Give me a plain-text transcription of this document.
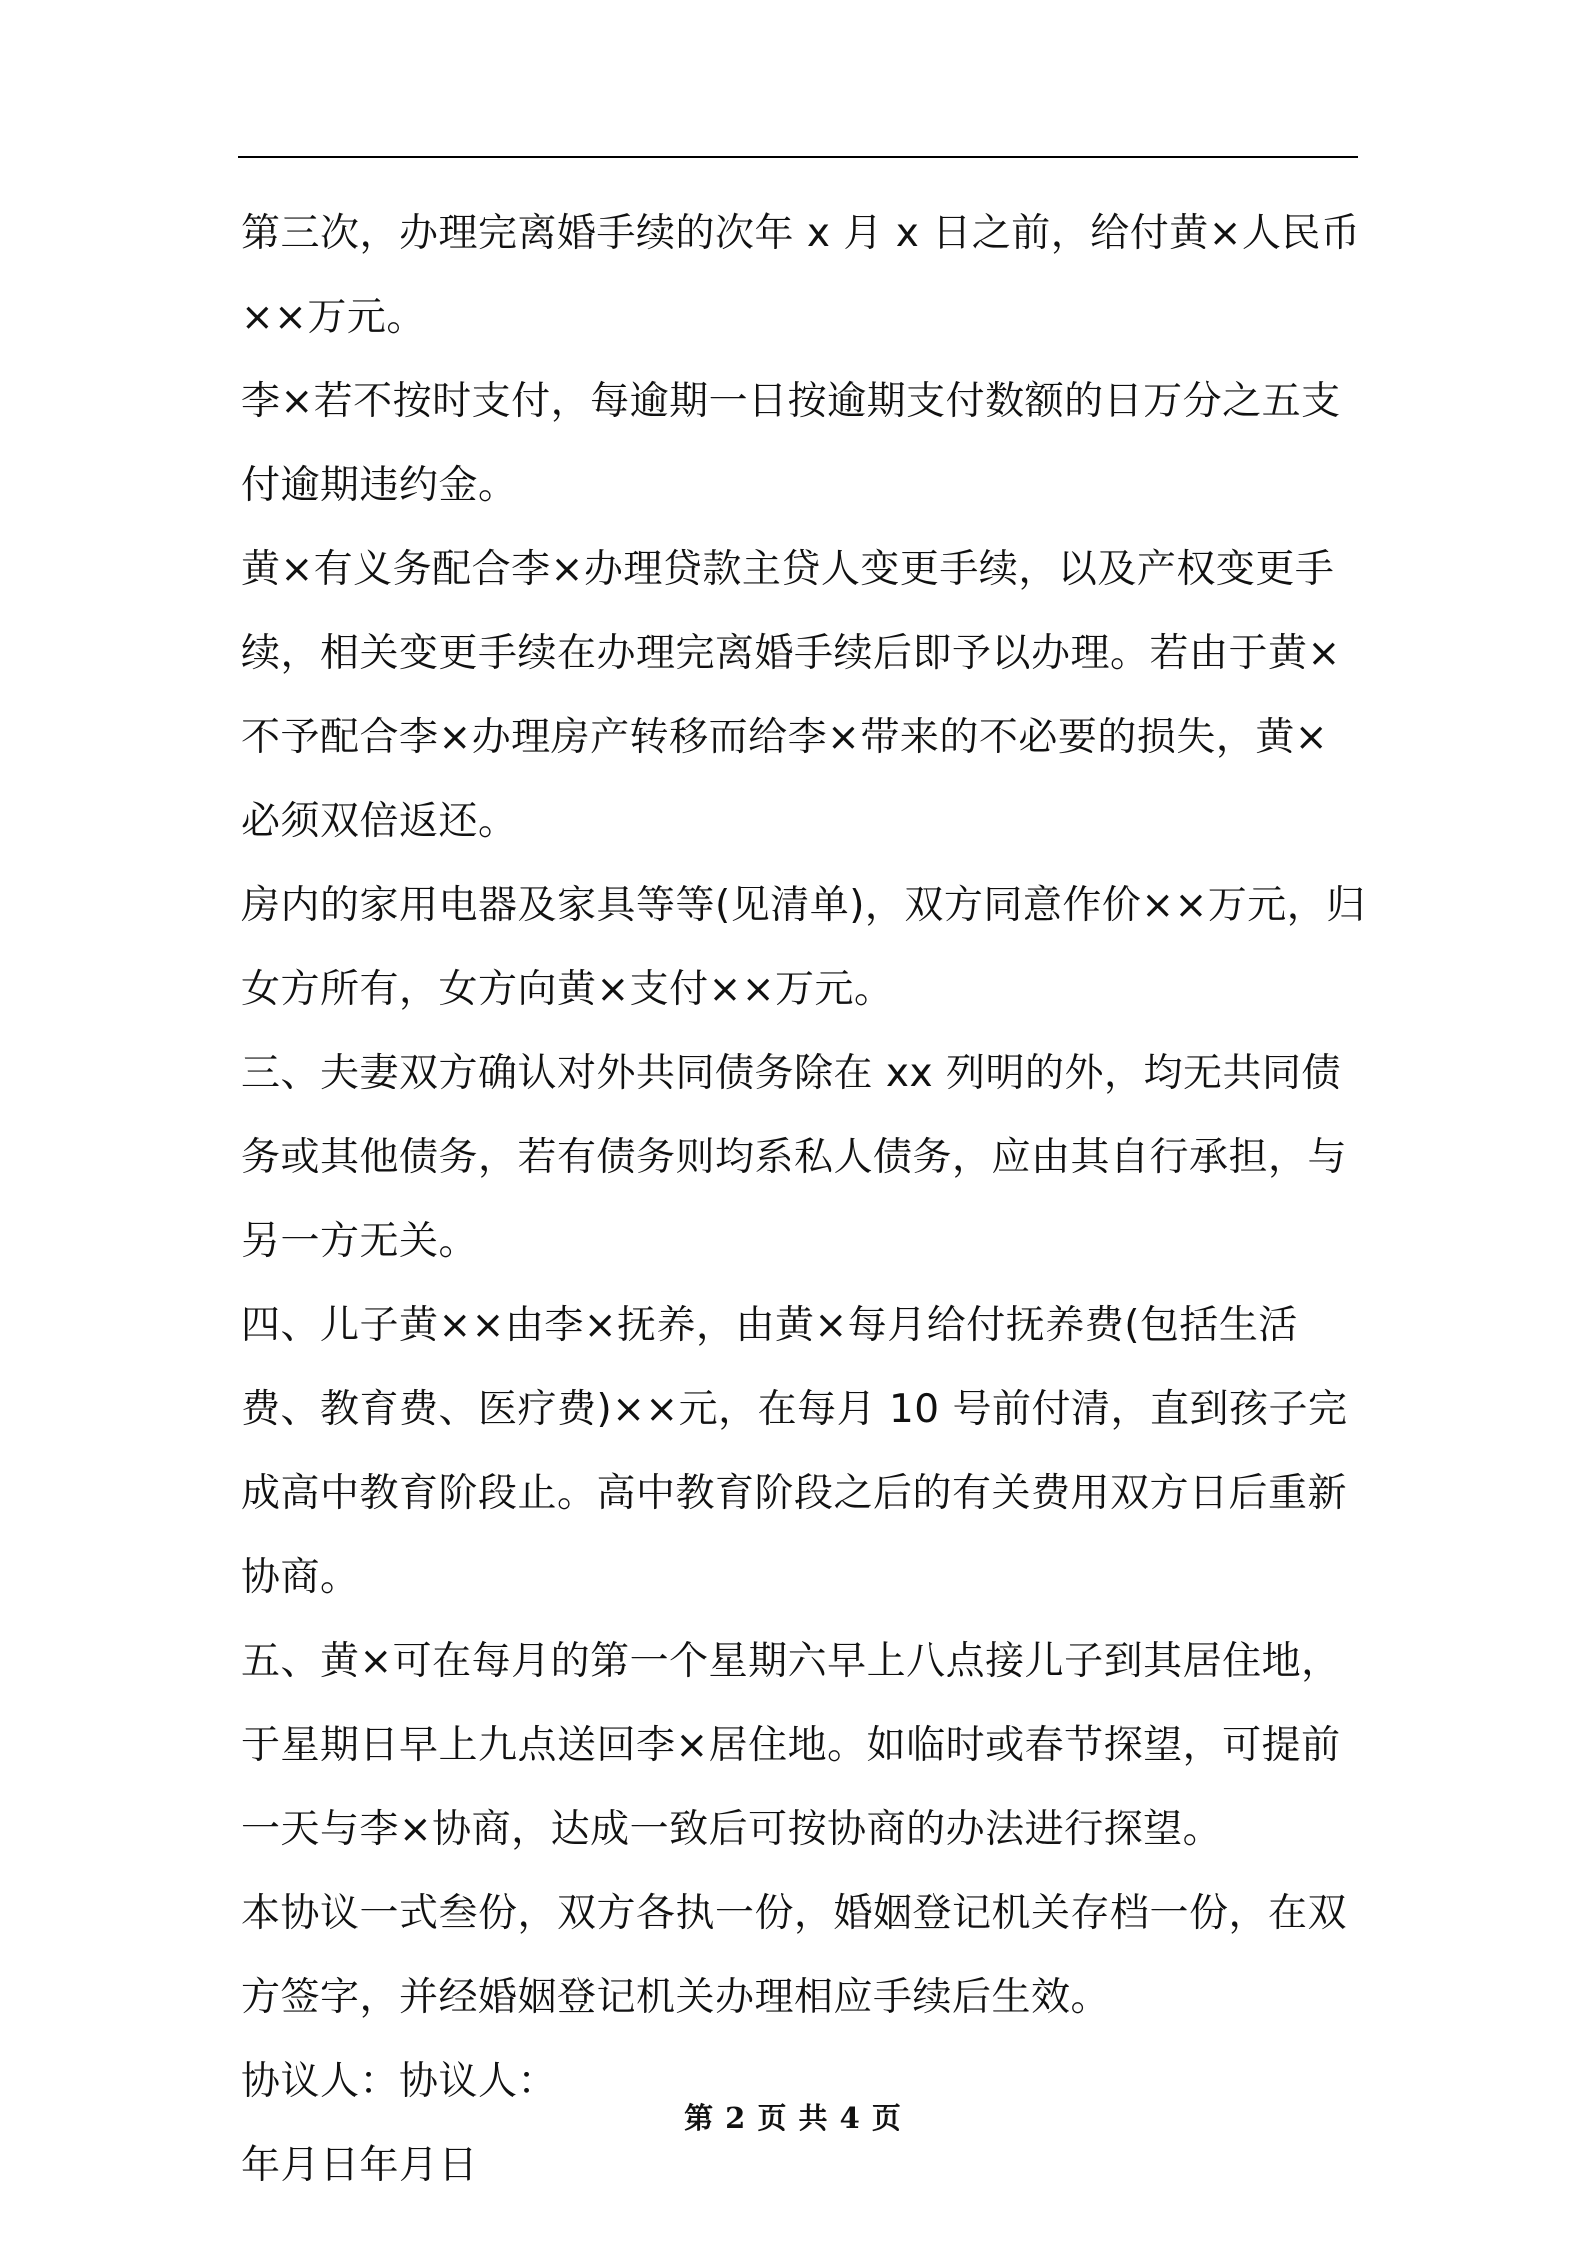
第三次，办理完离婚手续的次年 x 月 x 日之前，给付黄×人民币××万元。

李×若不按时支付，每逾期一日按逾期支付数额的日万分之五支付逾期违约金。

黄×有义务配合李×办理贷款主贷人变更手续，以及产权变更手续，相关变更手续在办理完离婚手续后即予以办理。若由于黄×不予配合李×办理房产转移而给李×带来的不必要的损失，黄×必须双倍返还。

房内的家用电器及家具等等(见清单)，双方同意作价××万元，归女方所有，女方向黄×支付××万元。

三、夫妻双方确认对外共同债务除在 xx 列明的外，均无共同债务或其他债务，若有债务则均系私人债务，应由其自行承担，与另一方无关。

四、儿子黄××由李×抚养，由黄×每月给付抚养费(包括生活费、教育费、医疗费)××元，在每月 10 号前付清，直到孩子完成高中教育阶段止。高中教育阶段之后的有关费用双方日后重新协商。

五、黄×可在每月的第一个星期六早上八点接儿子到其居住地，于星期日早上九点送回李×居住地。如临时或春节探望，可提前一天与李×协商，达成一致后可按协商的办法进行探望。

本协议一式叁份，双方各执一份，婚姻登记机关存档一份，在双方签字，并经婚姻登记机关办理相应手续后生效。

协议人：协议人：

年月日年月日

第 2 页 共 4 页
